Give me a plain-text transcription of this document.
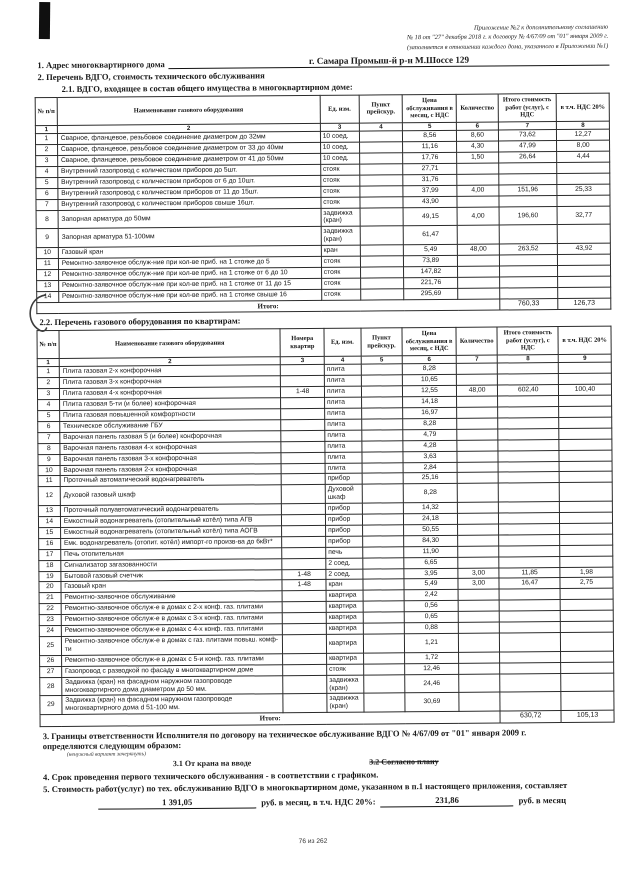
Приложение №2 к дополнительному соглашению
№ 18 от "27" декабря 2018 г. к договору № 4/67/09 от "01" января 2009 г.
(заполняется в отношении каждого дома, указанного в Приложении №1)
1. Адрес многоквартирного дома	г. Самара Промыш-й р-н М.Шоссе 129
2. Перечень ВДГО, стоимость технического обслуживания
2.1. ВДГО, входящее в состав общего имущества в многоквартирном доме:
№ п/п	Наименование газового оборудования	Ед. изм.	Пункт прейскур.	Цена обслуживания в месяц, с НДС	Количество	Итого стоимость работ (услуг), с НДС	в т.ч. НДС 20%
1	2	3	4	5	6	7	8
1	Сварное, фланцевое, резьбовое соединение диаметром до 32мм	10 соед.		8,56	8,60	73,62	12,27
2	Сварное, фланцевое, резьбовое соединение диаметром от 33 до 40мм	10 соед.		11,16	4,30	47,99	8,00
3	Сварное, фланцевое, резьбовое соединение диаметром от 41 до 50мм	10 соед.		17,76	1,50	26,64	4,44
4	Внутренний газопровод с количеством приборов до 5шт.	стояк		27,71			
5	Внутренний газопровод с количеством приборов от 6 до 10шт.	стояк		31,76			
6	Внутренний газопровод с количеством приборов от 11 до 15шт.	стояк		37,99	4,00	151,96	25,33
7	Внутренний газопровод с количеством приборов свыше 16шт.	стояк		43,90			
8	Запорная арматура до 50мм	задвижка (кран)		49,15	4,00	196,60	32,77
9	Запорная арматура 51-100мм	задвижка (кран)		61,47			
10	Газовый кран	кран		5,49	48,00	263,52	43,92
11	Ремонтно-заявочное обслуж-ние при кол-ве приб. на 1 стояке до 5	стояк		73,89			
12	Ремонтно-заявочное обслуж-ние при кол-ве приб. на 1 стояке от 6 до 10	стояк		147,82			
13	Ремонтно-заявочное обслуж-ние при кол-ве приб. на 1 стояке от 11 до 15	стояк		221,76			
14	Ремонтно-заявочное обслуж-ние при кол-ве приб. на 1 стояке свыше 16	стояк		295,69			
Итого:						760,33	126,73
2.2. Перечень газового оборудования по квартирам:
№ п/п	Наименование газового оборудования	Номера квартир	Ед. изм.	Пункт прейскур.	Цена обслуживания в месяц, с НДС	Количество	Итого стоимость работ (услуг), с НДС	в т.ч. НДС 20%
1	2	3	4	5	6	7	8	9
1	Плита газовая 2-х конфорочная		плита		8,28			
2	Плита газовая 3-х конфорочная		плита		10,65			
3	Плита газовая 4-х конфорочная	1-48	плита		12,55	48,00	602,40	100,40
4	Плита газовая 5-ти (и более) конфорочная		плита		14,18			
5	Плита газовая повышенной комфортности		плита		16,97			
6	Техническое обслуживание ГБУ		плита		8,28			
7	Варочная панель газовая 5 (и более) конфорочная		плита		4,79			
8	Варочная панель газовая 4-х конфорочная		плита		4,28			
9	Варочная панель газовая 3-х конфорочная		плита		3,63			
10	Варочная панель газовая 2-х конфорочная		плита		2,84			
11	Проточный автоматический водонагреватель		прибор		25,16			
12	Духовой газовый шкаф		Духовой шкаф		8,28			
13	Проточный полуавтоматический водонагреватель		прибор		14,32			
14	Емкостный водонагреватель (отопительный котёл) типа АГВ		прибор		24,18			
15	Емкостный водонагреватель (отопительный котёл) типа АОГВ		прибор		50,55			
16	Емк. водонагреватель (отопит. котёл) импорт-го произв-ва до 6кВт*		прибор		84,30			
17	Печь отопительная		печь		11,90			
18	Сигнализатор загазованности		2 соед.		6,65			
19	Бытовой газовый счетчик	1-48	2 соед.		3,95	3,00	11,85	1,98
20	Газовый кран	1-48	кран		5,49	3,00	16,47	2,75
21	Ремонтно-заявочное обслуживание		квартира		2,42			
22	Ремонтно-заявочное обслуж-е в домах с 2-х конф. газ. плитами		квартира		0,56			
23	Ремонтно-заявочное обслуж-е в домах с 3-х конф. газ. плитами		квартира		0,65			
24	Ремонтно-заявочное обслуж-е в домах с 4-х конф. газ. плитами		квартира		0,88			
25	Ремонтно-заявочное обслуж-е в домах с газ. плитами повыш. комф-ти		квартира		1,21			
26	Ремонтно-заявочное обслуж-е в домах с 5-и конф. газ. плитами		квартира		1,72			
27	Газопровод с разводкой по фасаду в многоквартирном доме		стояк		12,46			
28	Задвижка (кран) на фасадном наружном газопроводе многоквартирного дома диаметром до 50 мм.		задвижка (кран)		24,46			
29	Задвижка (кран) на фасадном наружном газопроводе многоквартирного дома d 51-100 мм.		задвижка (кран)		30,69			
Итого:							630,72	105,13
3. Границы ответственности Исполнителя по договору на техническое обслуживание ВДГО № 4/67/09 от "01" января 2009 г.
определяются следующим образом:
(ненужный вариант зачеркнуть)
3.1 От крана на вводе	3.2 Согласно плану
4. Срок проведения первого технического обслуживания - в соответствии с графиком.
5. Стоимость работ(услуг) по тех. обслуживанию ВДГО в многоквартирном доме, указанном в п.1 настоящего приложения, составляет
1 391,05	руб. в месяц, в т.ч. НДС 20%:	231,86	руб. в месяц
76 из 262
